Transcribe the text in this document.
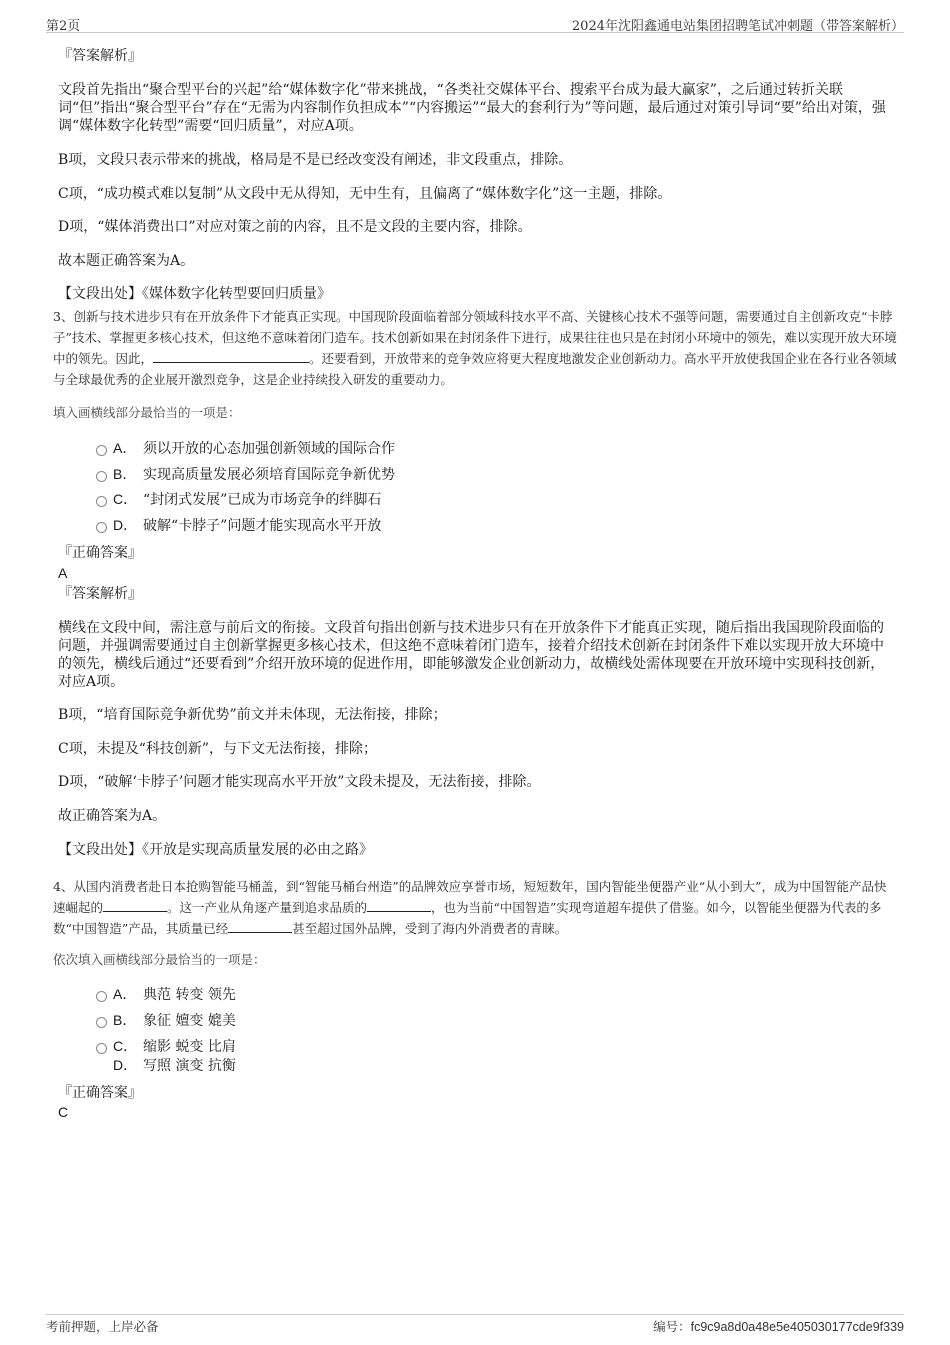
第2页	2024年沈阳鑫通电站集团招聘笔试冲刺题（带答案解析）
『答案解析』
文段首先指出“聚合型平台的兴起”给“媒体数字化”带来挑战，“各类社交媒体平台、搜索平台成为最大赢家”，之后通过转折关联词“但”指出“聚合型平台”存在“无需为内容制作负担成本”“内容搬运”“最大的套利行为”等问题，最后通过对策引导词“要”给出对策，强调“媒体数字化转型”需要“回归质量”，对应A项。
B项，文段只表示带来的挑战，格局是不是已经改变没有阐述，非文段重点，排除。
C项，“成功模式难以复制”从文段中无从得知，无中生有，且偏离了“媒体数字化”这一主题，排除。
D项，“媒体消费出口”对应对策之前的内容，且不是文段的主要内容，排除。
故本题正确答案为A。
【文段出处】《媒体数字化转型要回归质量》
3、创新与技术进步只有在开放条件下才能真正实现。中国现阶段面临着部分领域科技水平不高、关键核心技术不强等问题，需要通过自主创新攻克“卡脖子”技术、掌握更多核心技术，但这绝不意味着闭门造车。技术创新如果在封闭条件下进行，成果往往也只是在封闭小环境中的领先，难以实现开放大环境中的领先。因此，	。还要看到，开放带来的竞争效应将更大程度地激发企业创新动力。高水平开放使我国企业在各行业各领域与全球最优秀的企业展开激烈竞争，这是企业持续投入研发的重要动力。
填入画横线部分最恰当的一项是：
A． 须以开放的心态加强创新领域的国际合作
B． 实现高质量发展必须培育国际竞争新优势
C． “封闭式发展”已成为市场竞争的绊脚石
D． 破解“卡脖子”问题才能实现高水平开放
『正确答案』
A
『答案解析』
横线在文段中间，需注意与前后文的衔接。文段首句指出创新与技术进步只有在开放条件下才能真正实现，随后指出我国现阶段面临的问题，并强调需要通过自主创新掌握更多核心技术，但这绝不意味着闭门造车，接着介绍技术创新在封闭条件下难以实现开放大环境中的领先，横线后通过“还要看到”介绍开放环境的促进作用，即能够激发企业创新动力，故横线处需体现要在开放环境中实现科技创新，对应A项。
B项，“培育国际竞争新优势”前文并未体现，无法衔接，排除；
C项，未提及“科技创新”，与下文无法衔接，排除；
D项，“破解‘卡脖子’问题才能实现高水平开放”文段未提及，无法衔接，排除。
故正确答案为A。
【文段出处】《开放是实现高质量发展的必由之路》
4、从国内消费者赴日本抢购智能马桶盖，到“智能马桶台州造”的品牌效应享誉市场，短短数年，国内智能坐便器产业“从小到大”，成为中国智能产品快速崛起的	。这一产业从角逐产量到追求品质的	，也为当前“中国智造”实现弯道超车提供了借鉴。如今，以智能坐便器为代表的多数“中国智造”产品，其质量已经	甚至超过国外品牌，受到了海内外消费者的青睐。
依次填入画横线部分最恰当的一项是：
A． 典范 转变 领先
B． 象征 嬗变 媲美
C． 缩影 蜕变 比肩
D． 写照 演变 抗衡
『正确答案』
C
考前押题，上岸必备	编号：fc9c9a8d0a48e5e405030177cde9f339
